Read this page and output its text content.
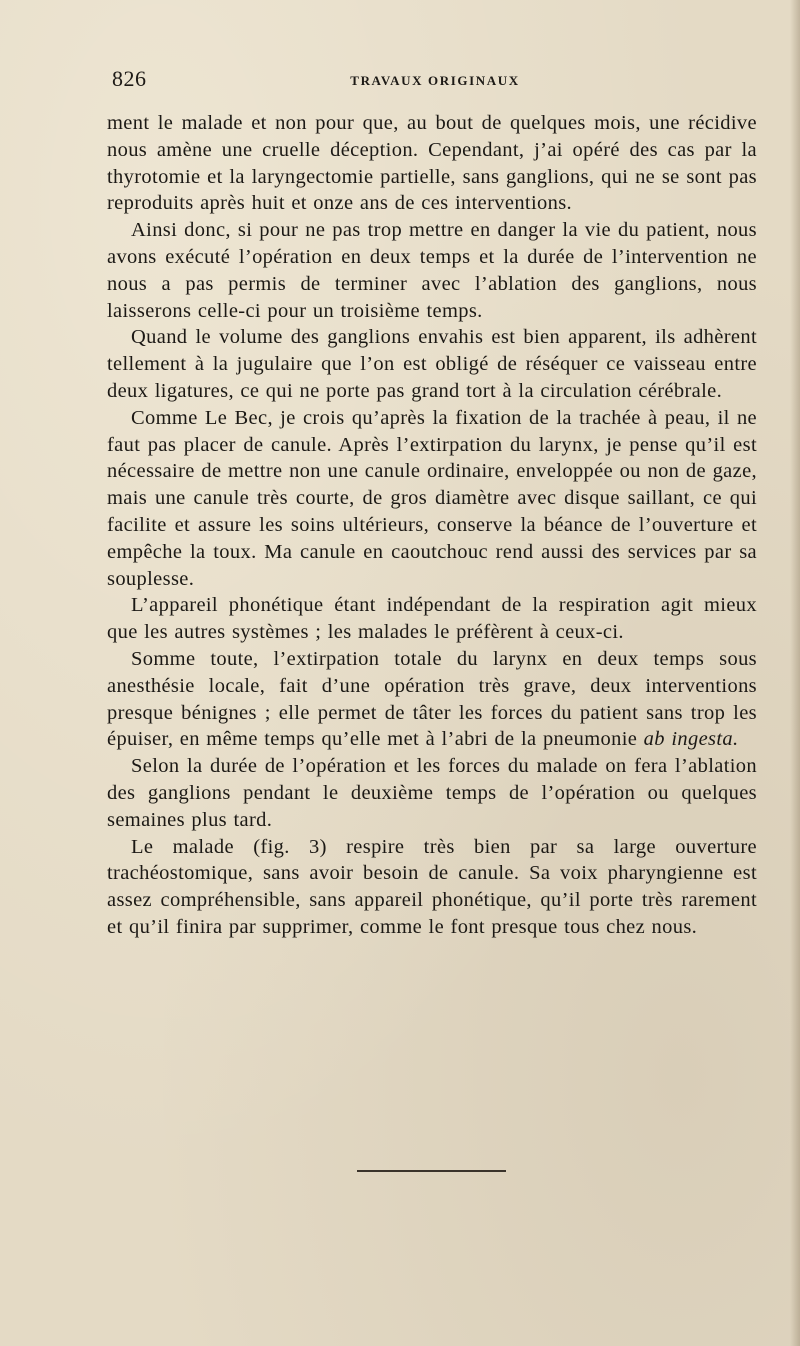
826	TRAVAUX ORIGINAUX

ment le malade et non pour que, au bout de quelques mois, une récidive nous amène une cruelle déception. Cependant, j’ai opéré des cas par la thyrotomie et la laryngectomie partielle, sans ganglions, qui ne se sont pas reproduits après huit et onze ans de ces interventions.

Ainsi donc, si pour ne pas trop mettre en danger la vie du patient, nous avons exécuté l’opération en deux temps et la durée de l’intervention ne nous a pas permis de terminer avec l’ablation des ganglions, nous laisserons celle-ci pour un troisième temps.

Quand le volume des ganglions envahis est bien apparent, ils adhèrent tellement à la jugulaire que l’on est obligé de réséquer ce vaisseau entre deux ligatures, ce qui ne porte pas grand tort à la circulation cérébrale.

Comme Le Bec, je crois qu’après la fixation de la trachée à peau, il ne faut pas placer de canule. Après l’extirpation du larynx, je pense qu’il est nécessaire de mettre non une canule ordinaire, enveloppée ou non de gaze, mais une canule très courte, de gros diamètre avec disque saillant, ce qui facilite et assure les soins ultérieurs, conserve la béance de l’ouverture et empêche la toux. Ma canule en caoutchouc rend aussi des services par sa souplesse.

L’appareil phonétique étant indépendant de la respiration agit mieux que les autres systèmes ; les malades le préfèrent à ceux-ci.

Somme toute, l’extirpation totale du larynx en deux temps sous anesthésie locale, fait d’une opération très grave, deux interventions presque bénignes ; elle permet de tâter les forces du patient sans trop les épuiser, en même temps qu’elle met à l’abri de la pneumonie ab ingesta.

Selon la durée de l’opération et les forces du malade on fera l’ablation des ganglions pendant le deuxième temps de l’opération ou quelques semaines plus tard.

Le malade (fig. 3) respire très bien par sa large ouverture trachéostomique, sans avoir besoin de canule. Sa voix pharyngienne est assez compréhensible, sans appareil phonétique, qu’il porte très rarement et qu’il finira par supprimer, comme le font presque tous chez nous.
